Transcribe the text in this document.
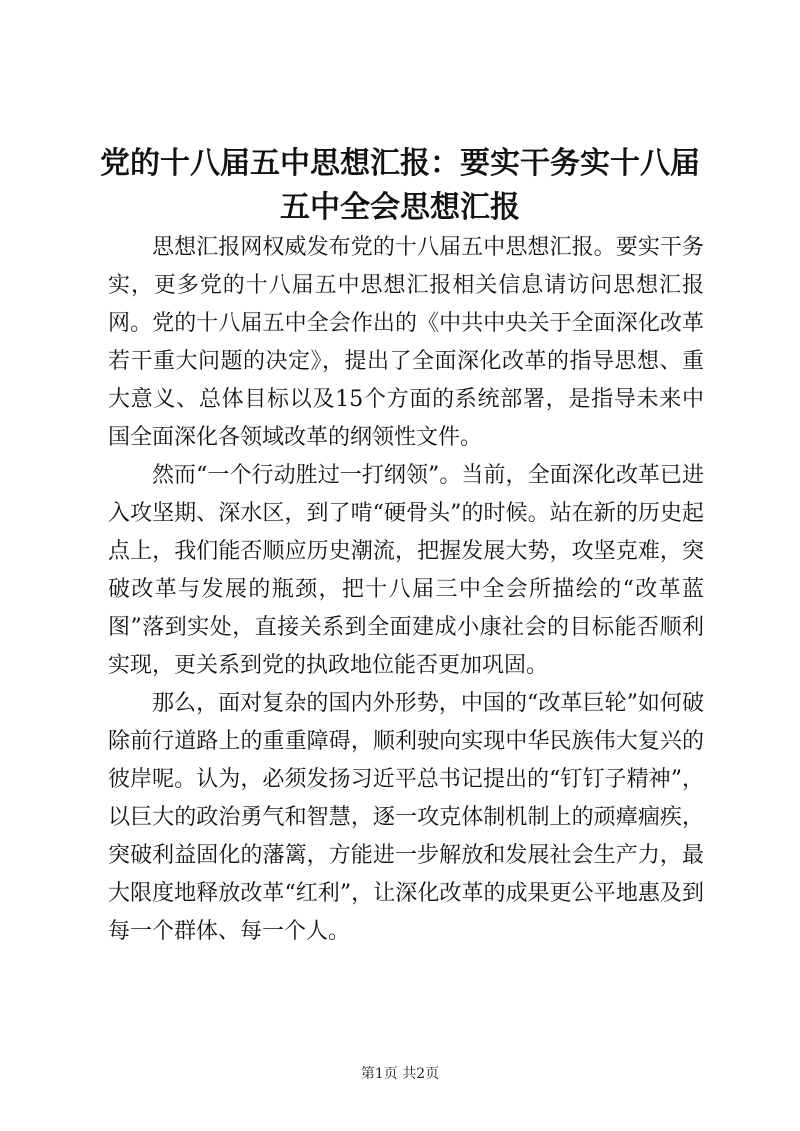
党的十八届五中思想汇报：要实干务实十八届
五中全会思想汇报

思想汇报网权威发布党的十八届五中思想汇报。要实干务实，更多党的十八届五中思想汇报相关信息请访问思想汇报网。党的十八届五中全会作出的《中共中央关于全面深化改革若干重大问题的决定》，提出了全面深化改革的指导思想、重大意义、总体目标以及15个方面的系统部署，是指导未来中国全面深化各领域改革的纲领性文件。

然而“一个行动胜过一打纲领”。当前，全面深化改革已进入攻坚期、深水区，到了啃“硬骨头”的时候。站在新的历史起点上，我们能否顺应历史潮流，把握发展大势，攻坚克难，突破改革与发展的瓶颈，把十八届三中全会所描绘的“改革蓝图”落到实处，直接关系到全面建成小康社会的目标能否顺利实现，更关系到党的执政地位能否更加巩固。

那么，面对复杂的国内外形势，中国的“改革巨轮”如何破除前行道路上的重重障碍，顺利驶向实现中华民族伟大复兴的彼岸呢。认为，必须发扬习近平总书记提出的“钉钉子精神”，以巨大的政治勇气和智慧，逐一攻克体制机制上的顽瘴痼疾，突破利益固化的藩篱，方能进一步解放和发展社会生产力，最大限度地释放改革“红利”，让深化改革的成果更公平地惠及到每一个群体、每一个人。

第1页 共2页
